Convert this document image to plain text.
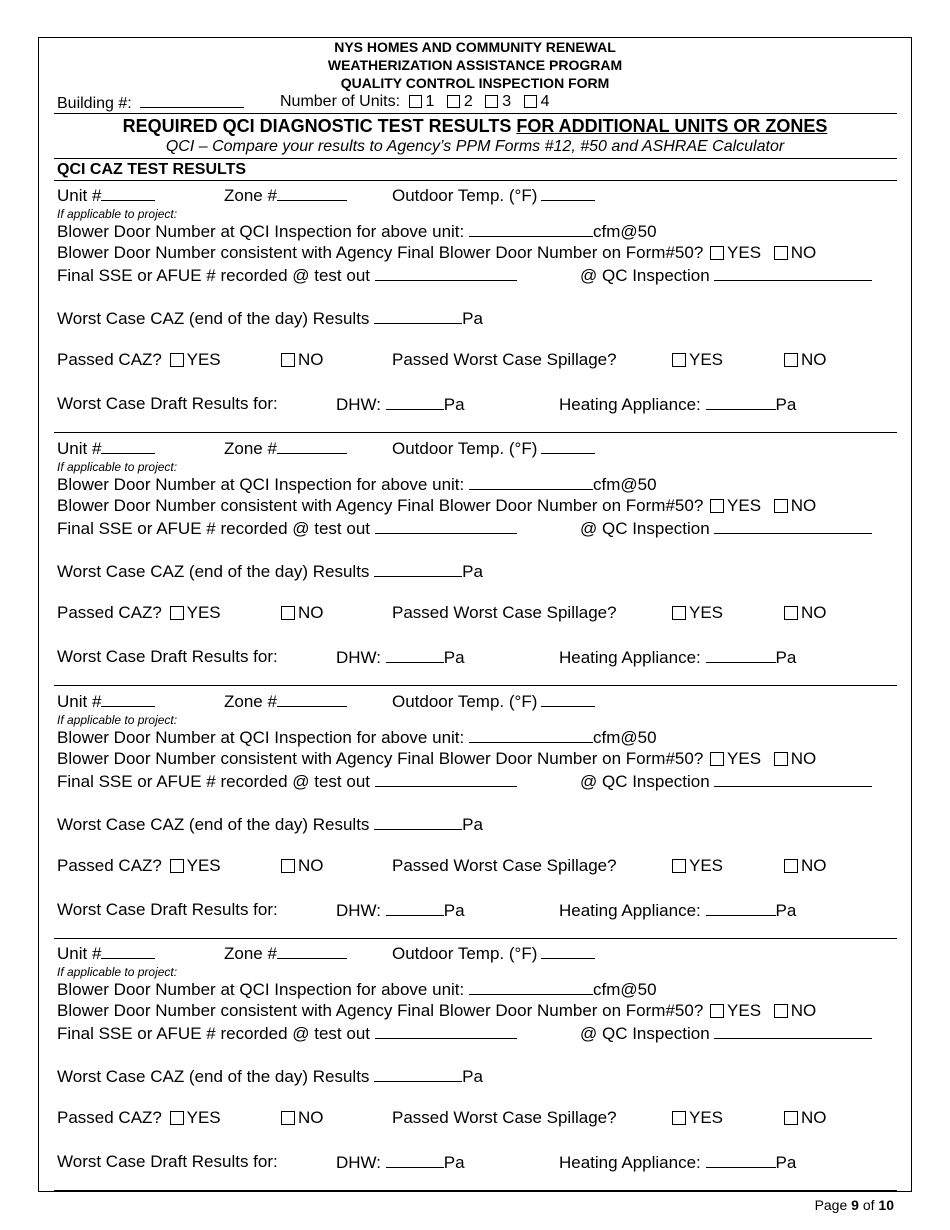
NYS HOMES AND COMMUNITY RENEWAL
WEATHERIZATION ASSISTANCE PROGRAM
QUALITY CONTROL INSPECTION FORM
Building #:	Number of Units: 1 2 3 4
REQUIRED QCI DIAGNOSTIC TEST RESULTS FOR ADDITIONAL UNITS OR ZONES
QCI – Compare your results to Agency’s PPM Forms #12, #50 and ASHRAE Calculator
QCI CAZ TEST RESULTS
Unit #	Zone #	Outdoor Temp. (°F)
If applicable to project:
Blower Door Number at QCI Inspection for above unit:	cfm@50
Blower Door Number consistent with Agency Final Blower Door Number on Form#50? YES NO
Final SSE or AFUE # recorded @ test out	@ QC Inspection
Worst Case CAZ (end of the day) Results	Pa
Passed CAZ? YES	NO	Passed Worst Case Spillage?	YES	NO
Worst Case Draft Results for:	DHW:	Pa	Heating Appliance:	Pa
Unit #	Zone #	Outdoor Temp. (°F)
If applicable to project:
Blower Door Number at QCI Inspection for above unit:	cfm@50
Blower Door Number consistent with Agency Final Blower Door Number on Form#50? YES NO
Final SSE or AFUE # recorded @ test out	@ QC Inspection
Worst Case CAZ (end of the day) Results	Pa
Passed CAZ? YES	NO	Passed Worst Case Spillage?	YES	NO
Worst Case Draft Results for:	DHW:	Pa	Heating Appliance:	Pa
Unit #	Zone #	Outdoor Temp. (°F)
If applicable to project:
Blower Door Number at QCI Inspection for above unit:	cfm@50
Blower Door Number consistent with Agency Final Blower Door Number on Form#50? YES NO
Final SSE or AFUE # recorded @ test out	@ QC Inspection
Worst Case CAZ (end of the day) Results	Pa
Passed CAZ? YES	NO	Passed Worst Case Spillage?	YES	NO
Worst Case Draft Results for:	DHW:	Pa	Heating Appliance:	Pa
Unit #	Zone #	Outdoor Temp. (°F)
If applicable to project:
Blower Door Number at QCI Inspection for above unit:	cfm@50
Blower Door Number consistent with Agency Final Blower Door Number on Form#50? YES NO
Final SSE or AFUE # recorded @ test out	@ QC Inspection
Worst Case CAZ (end of the day) Results	Pa
Passed CAZ? YES	NO	Passed Worst Case Spillage?	YES	NO
Worst Case Draft Results for:	DHW:	Pa	Heating Appliance:	Pa
Page 9 of 10
